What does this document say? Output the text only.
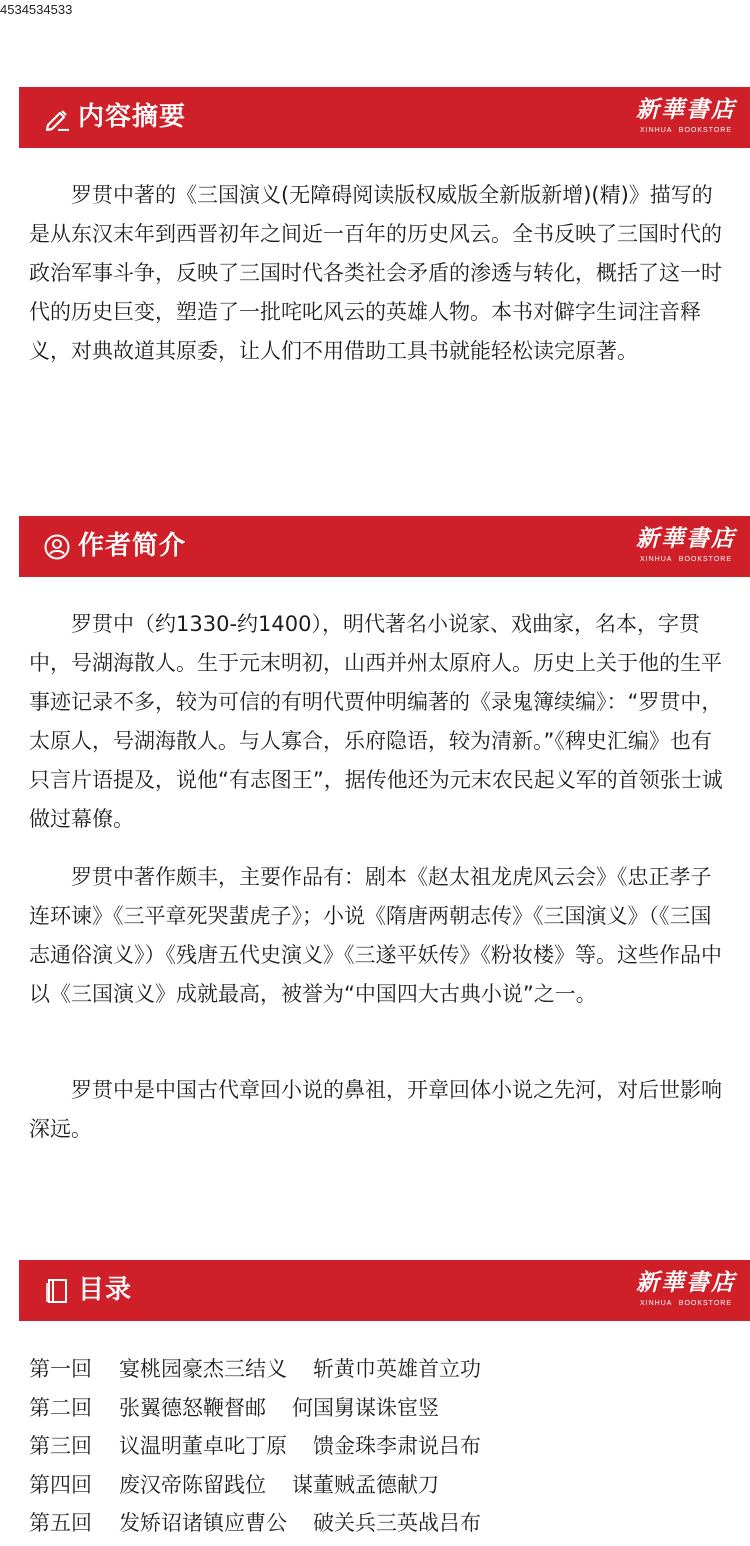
4534534533
内容摘要	新華書店
XINHUA BOOKSTORE

罗贯中著的《三国演义(无障碍阅读版权威版全新版新增)(精)》描写的是从东汉末年到西晋初年之间近一百年的历史风云。全书反映了三国时代的政治军事斗争，反映了三国时代各类社会矛盾的渗透与转化，概括了这一时代的历史巨变，塑造了一批咤叱风云的英雄人物。本书对僻字生词注音释义，对典故道其原委，让人们不用借助工具书就能轻松读完原著。

作者简介	新華書店
XINHUA BOOKSTORE

罗贯中（约1330-约1400），明代著名小说家、戏曲家，名本，字贯中，号湖海散人。生于元末明初，山西并州太原府人。历史上关于他的生平事迹记录不多，较为可信的有明代贾仲明编著的《录鬼簿续编》：“罗贯中，太原人，号湖海散人。与人寡合，乐府隐语，较为清新。”《稗史汇编》也有只言片语提及，说他“有志图王”，据传他还为元末农民起义军的首领张士诚做过幕僚。

罗贯中著作颇丰，主要作品有：剧本《赵太祖龙虎风云会》《忠正孝子连环谏》《三平章死哭蜚虎子》；小说《隋唐两朝志传》《三国演义》（《三国志通俗演义》）《残唐五代史演义》《三遂平妖传》《粉妆楼》等。这些作品中以《三国演义》成就最高，被誉为“中国四大古典小说”之一。

罗贯中是中国古代章回小说的鼻祖，开章回体小说之先河，对后世影响深远。

目录	新華書店
XINHUA BOOKSTORE
第一回 宴桃园豪杰三结义 斩黄巾英雄首立功
第二回 张翼德怒鞭督邮 何国舅谋诛宦竖
第三回 议温明董卓叱丁原 馈金珠李肃说吕布
第四回 废汉帝陈留践位 谋董贼孟德献刀
第五回 发矫诏诸镇应曹公 破关兵三英战吕布
